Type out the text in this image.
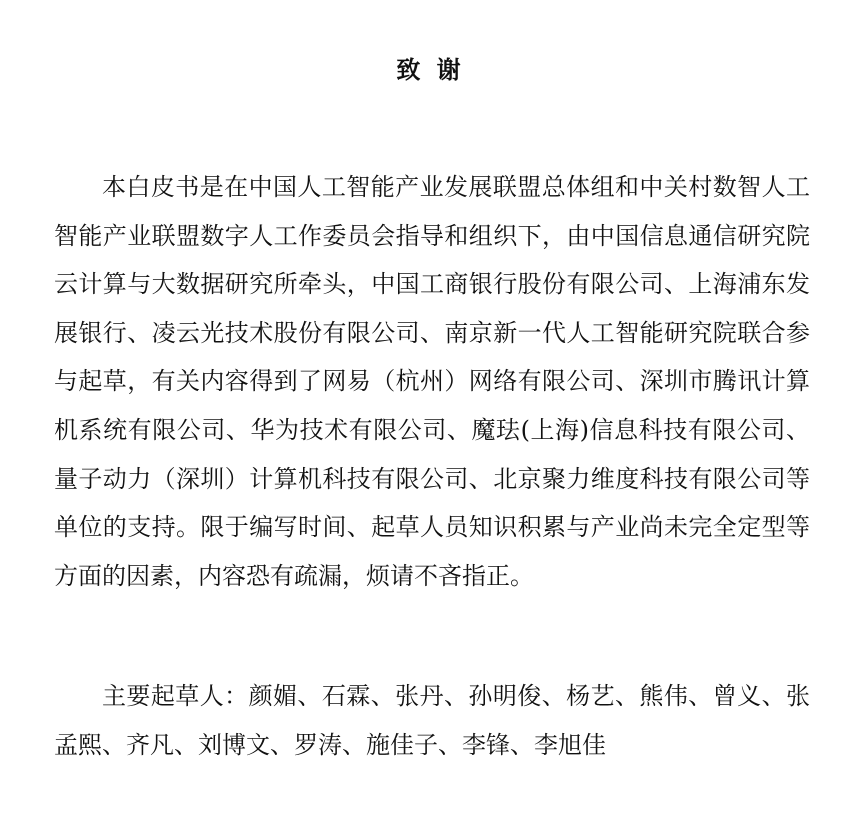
致 谢

本白皮书是在中国人工智能产业发展联盟总体组和中关村数智人工智能产业联盟数字人工作委员会指导和组织下，由中国信息通信研究院云计算与大数据研究所牵头，中国工商银行股份有限公司、上海浦东发展银行、凌云光技术股份有限公司、南京新一代人工智能研究院联合参与起草，有关内容得到了网易（杭州）网络有限公司、深圳市腾讯计算机系统有限公司、华为技术有限公司、魔珐(上海)信息科技有限公司、量子动力（深圳）计算机科技有限公司、北京聚力维度科技有限公司等单位的支持。限于编写时间、起草人员知识积累与产业尚未完全定型等方面的因素，内容恐有疏漏，烦请不吝指正。

主要起草人：颜媚、石霖、张丹、孙明俊、杨艺、熊伟、曾义、张孟熙、齐凡、刘博文、罗涛、施佳子、李锋、李旭佳
